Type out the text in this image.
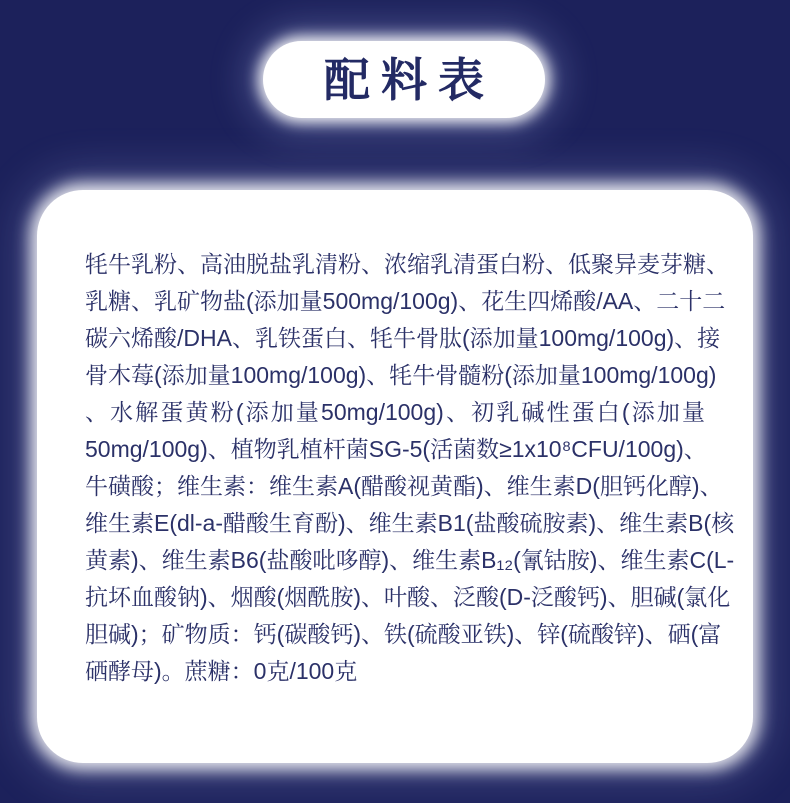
配料表
牦牛乳粉、高油脱盐乳清粉、浓缩乳清蛋白粉、低聚异麦芽糖、
乳糖、乳矿物盐(添加量500mg/100g)、花生四烯酸/AA、二十二
碳六烯酸/DHA、乳铁蛋白、牦牛骨肽(添加量100mg/100g)、接
骨木莓(添加量100mg/100g)、牦牛骨髓粉(添加量100mg/100g)
、水解蛋黄粉(添加量50mg/100g)、初乳碱性蛋白(添加量
50mg/100g)、植物乳植杆菌SG-5(活菌数≥1x10⁸CFU/100g)、
牛磺酸；维生素：维生素A(醋酸视黄酯)、维生素D(胆钙化醇)、
维生素E(dl-a-醋酸生育酚)、维生素B1(盐酸硫胺素)、维生素B(核
黄素)、维生素B6(盐酸吡哆醇)、维生素B₁₂(氰钴胺)、维生素C(L-
抗坏血酸钠)、烟酸(烟酰胺)、叶酸、泛酸(D-泛酸钙)、胆碱(氯化
胆碱)；矿物质：钙(碳酸钙)、铁(硫酸亚铁)、锌(硫酸锌)、硒(富
硒酵母)。蔗糖：0克/100克
